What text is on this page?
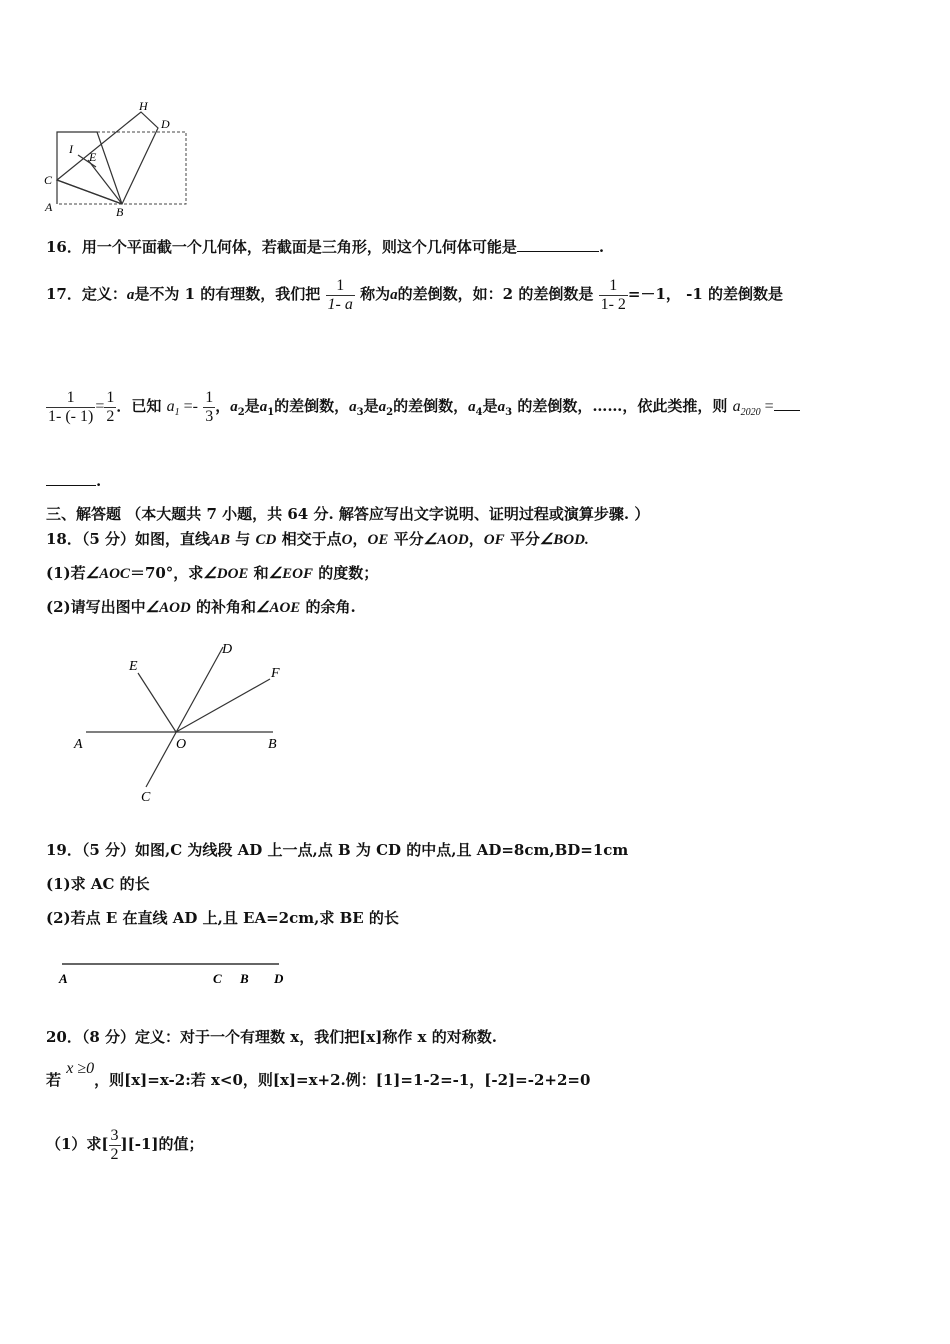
H
D
I
E
C
A	B
16．用一个平面截一个几何体，若截面是三角形，则这个几何体可能是	.
17．定义：a是不为 1 的有理数，我们把 $\frac{1}{1- a}$ 称为a的差倒数，如：2 的差倒数是 $\frac{1}{1- 2} =-1$， -1 的差倒数是
$\frac{1}{1- (- 1)} = \frac{1}{2}$ ．已知 $a_1 =- \frac{1}{3}$ ，$a_2$是$a_1$的差倒数，$a_3$是$a_2$的差倒数，$a_4$是$a_3$ 的差倒数，……，依此类推，则 $a_{2020}$ =
.
三、解答题 （本大题共 7 小题，共 64 分. 解答应写出文字说明、证明过程或演算步骤. ）
18．（5 分）如图，直线AB 与 CD 相交于点O，OE 平分∠AOD，OF 平分∠BOD.
(1)若∠AOC＝70°，求∠DOE 和∠EOF 的度数；
(2)请写出图中∠AOD 的补角和∠AOE 的余角.
E
D
F
A	O	B
C
19．（5 分）如图,C 为线段 AD 上一点,点 B 为 CD 的中点,且 AD=8cm,BD=1cm
(1)求 AC 的长
(2)若点 E 在直线 AD 上,且 EA=2cm,求 BE 的长
A	C B D
20．（8 分）定义：对于一个有理数 x，我们把[x]称作 x 的对称数.
若 x ≥0，则[x]=x-2:若 x<0，则[x]=x+2.例：[1]=1-2=-1，[-2]=-2+2=0
（1）求[ $\frac{3}{2} ][-1]$的值；
